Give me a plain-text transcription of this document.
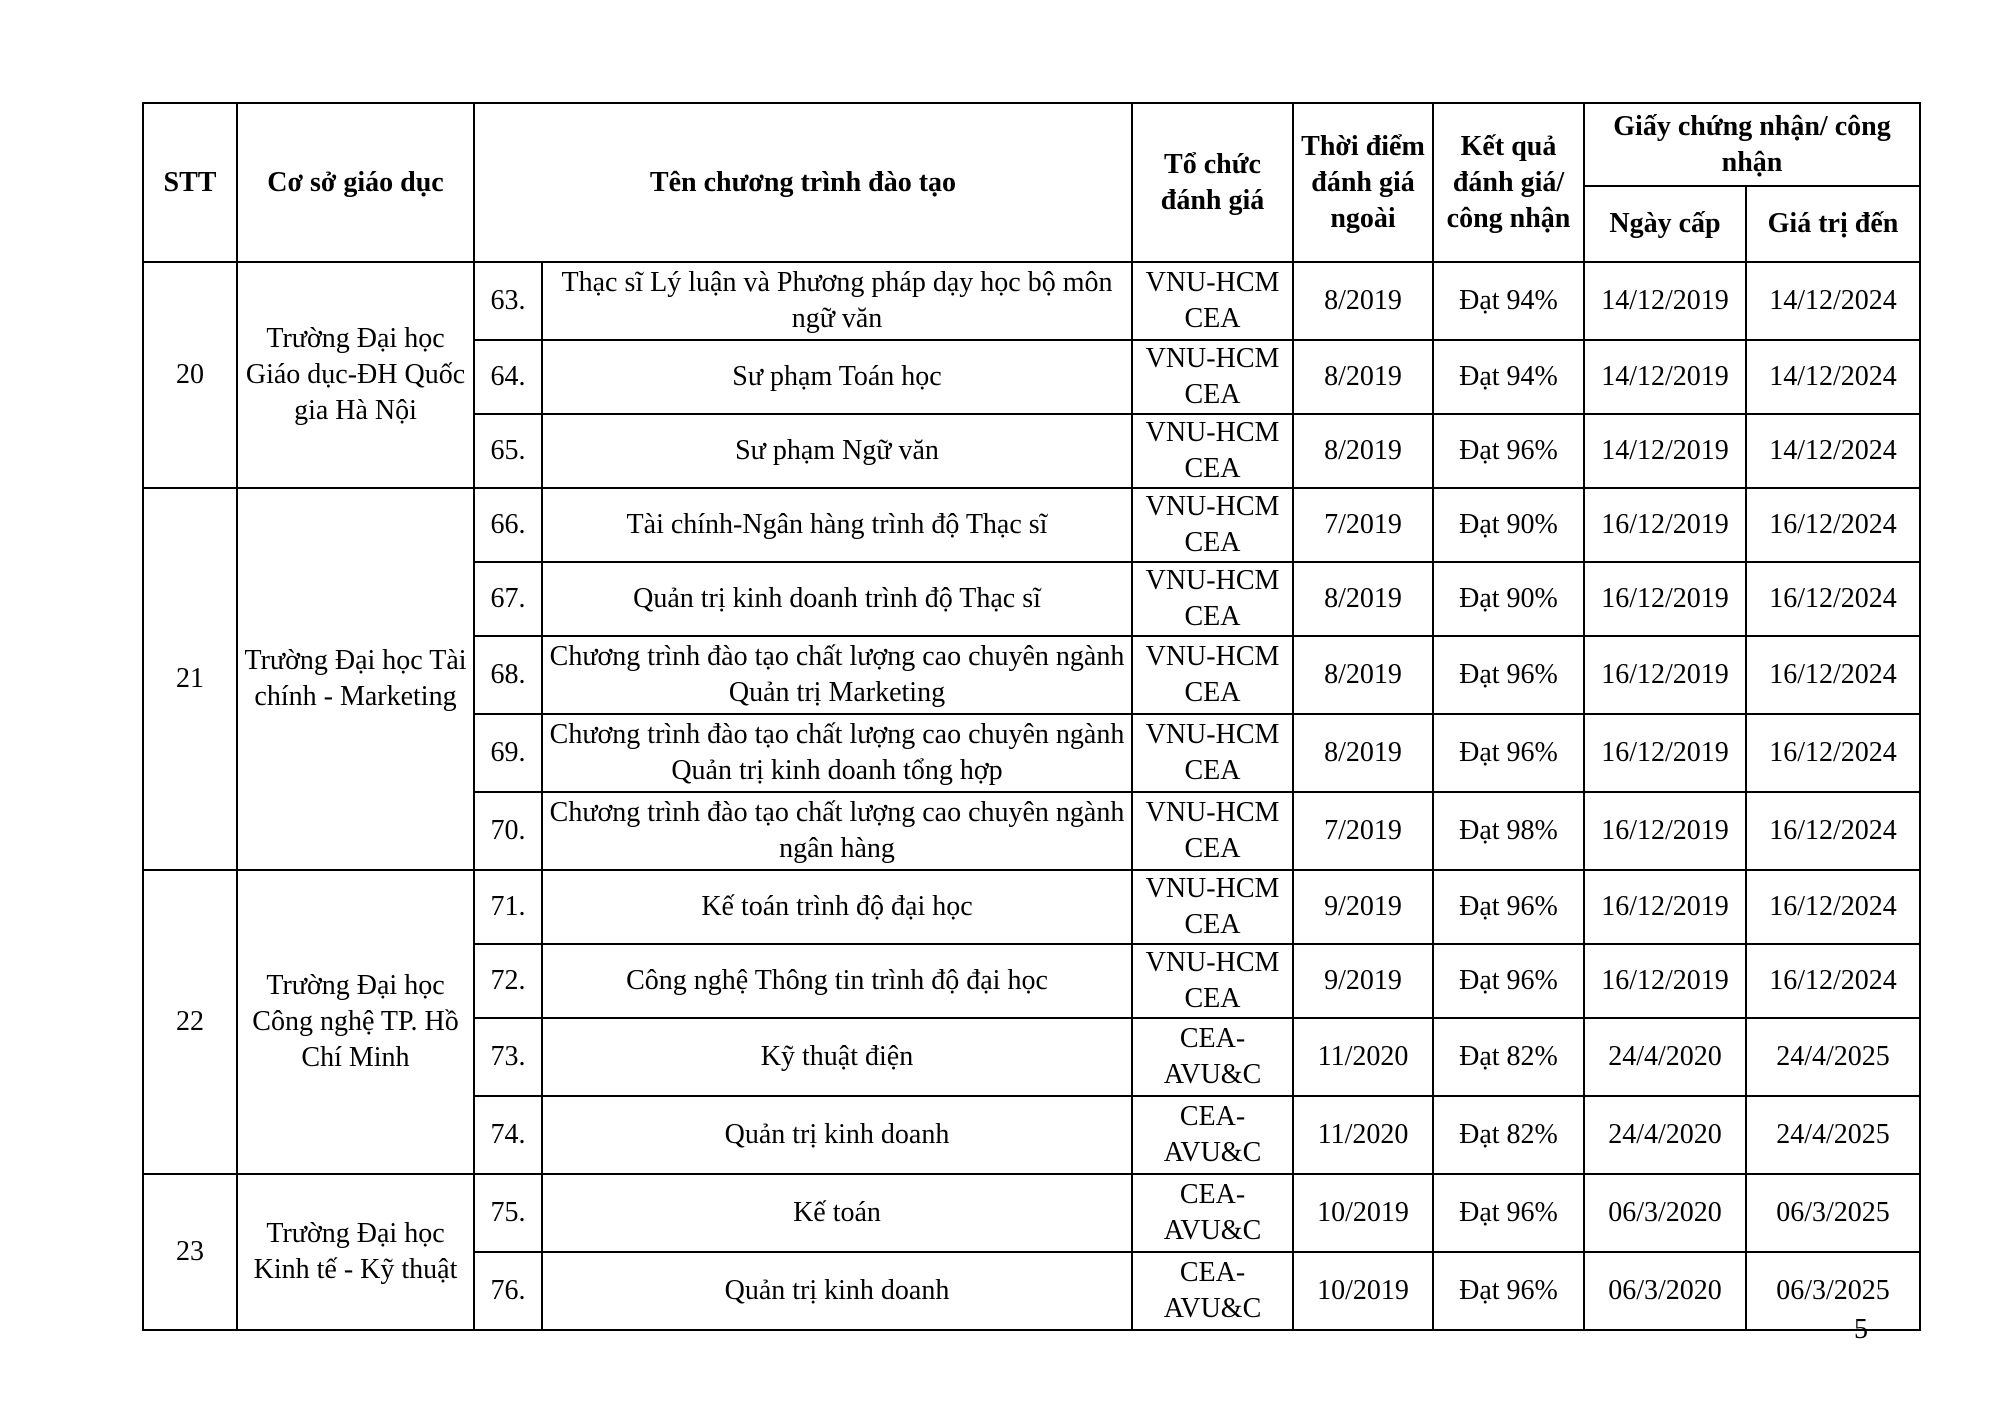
STT	Cơ sở giáo dục	Tên chương trình đào tạo		Tổ chức đánh giá	Thời điểm đánh giá ngoài	Kết quả đánh giá/ công nhận	Giấy chứng nhận/ công nhận	
							Ngày cấp	Giá trị đến
20	Trường Đại học Giáo dục-ĐH Quốc gia Hà Nội	63.	Thạc sĩ Lý luận và Phương pháp dạy học bộ môn ngữ văn	VNU-HCM CEA	8/2019	Đạt 94%	14/12/2019	14/12/2024
		64.	Sư phạm Toán học	VNU-HCM CEA	8/2019	Đạt 94%	14/12/2019	14/12/2024
		65.	Sư phạm Ngữ văn	VNU-HCM CEA	8/2019	Đạt 96%	14/12/2019	14/12/2024
21	Trường Đại học Tài chính - Marketing	66.	Tài chính-Ngân hàng trình độ Thạc sĩ	VNU-HCM CEA	7/2019	Đạt 90%	16/12/2019	16/12/2024
		67.	Quản trị kinh doanh trình độ Thạc sĩ	VNU-HCM CEA	8/2019	Đạt 90%	16/12/2019	16/12/2024
		68.	Chương trình đào tạo chất lượng cao chuyên ngành Quản trị Marketing	VNU-HCM CEA	8/2019	Đạt 96%	16/12/2019	16/12/2024
		69.	Chương trình đào tạo chất lượng cao chuyên ngành Quản trị kinh doanh tổng hợp	VNU-HCM CEA	8/2019	Đạt 96%	16/12/2019	16/12/2024
		70.	Chương trình đào tạo chất lượng cao chuyên ngành ngân hàng	VNU-HCM CEA	7/2019	Đạt 98%	16/12/2019	16/12/2024
22	Trường Đại học Công nghệ TP. Hồ Chí Minh	71.	Kế toán trình độ đại học	VNU-HCM CEA	9/2019	Đạt 96%	16/12/2019	16/12/2024
		72.	Công nghệ Thông tin trình độ đại học	VNU-HCM CEA	9/2019	Đạt 96%	16/12/2019	16/12/2024
		73.	Kỹ thuật điện	CEA-AVU&C	11/2020	Đạt 82%	24/4/2020	24/4/2025
		74.	Quản trị kinh doanh	CEA-AVU&C	11/2020	Đạt 82%	24/4/2020	24/4/2025
23	Trường Đại học Kinh tế - Kỹ thuật	75.	Kế toán	CEA-AVU&C	10/2019	Đạt 96%	06/3/2020	06/3/2025
		76.	Quản trị kinh doanh	CEA-AVU&C	10/2019	Đạt 96%	06/3/2020	06/3/2025
5
